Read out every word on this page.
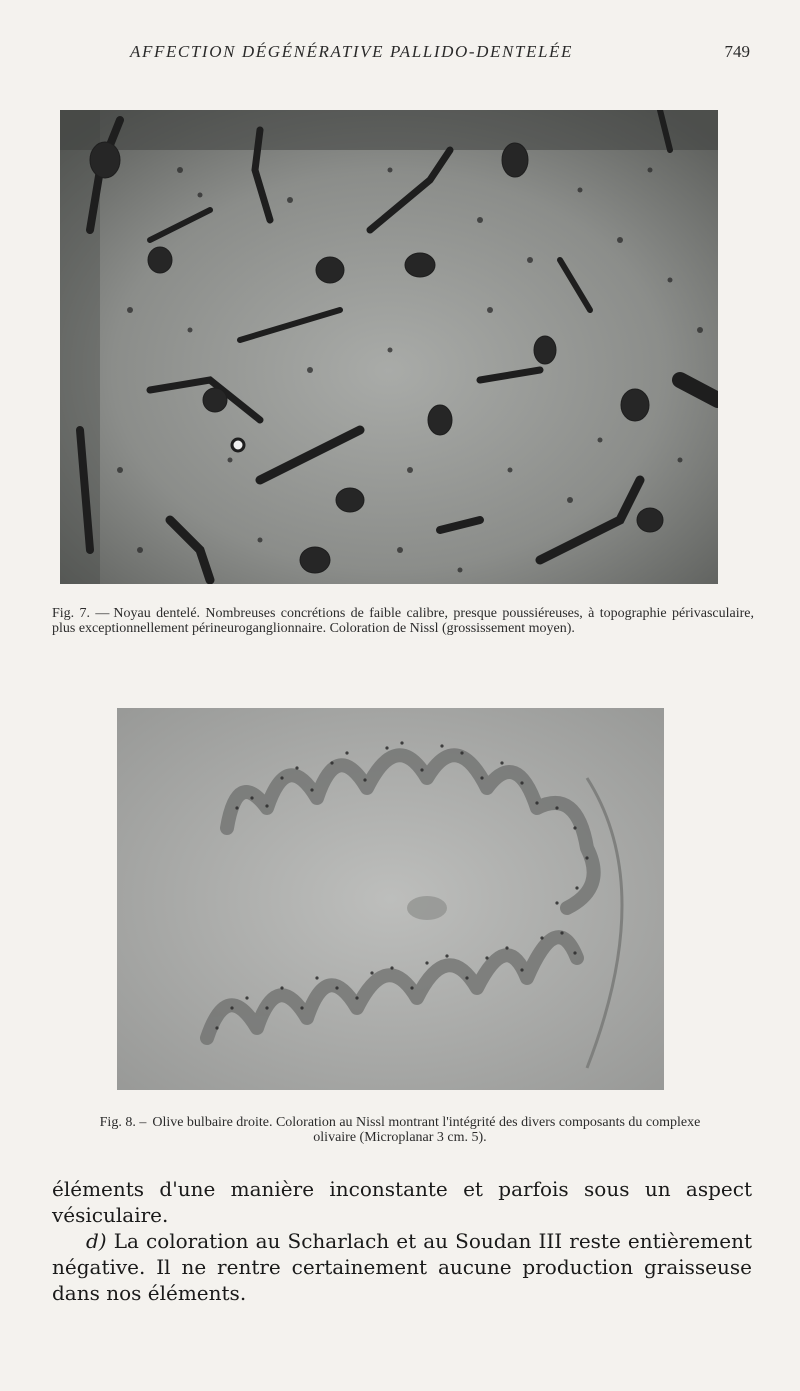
AFFECTION DÉGÉNÉRATIVE PALLIDO-DENTELÉE	749
Fig. 7. — Noyau dentelé. Nombreuses concrétions de faible calibre, presque poussiéreuses, à topographie périvasculaire, plus exceptionnellement périneuroganglionnaire. Coloration de Nissl (grossissement moyen).
Fig. 8. – Olive bulbaire droite. Coloration au Nissl montrant l'intégrité des divers composants du complexe olivaire (Microplanar 3 cm. 5).

éléments d'une manière inconstante et parfois sous un aspect vésiculaire.

d) La coloration au Scharlach et au Soudan III reste entièrement négative. Il ne rentre certainement aucune production graisseuse dans nos éléments.
